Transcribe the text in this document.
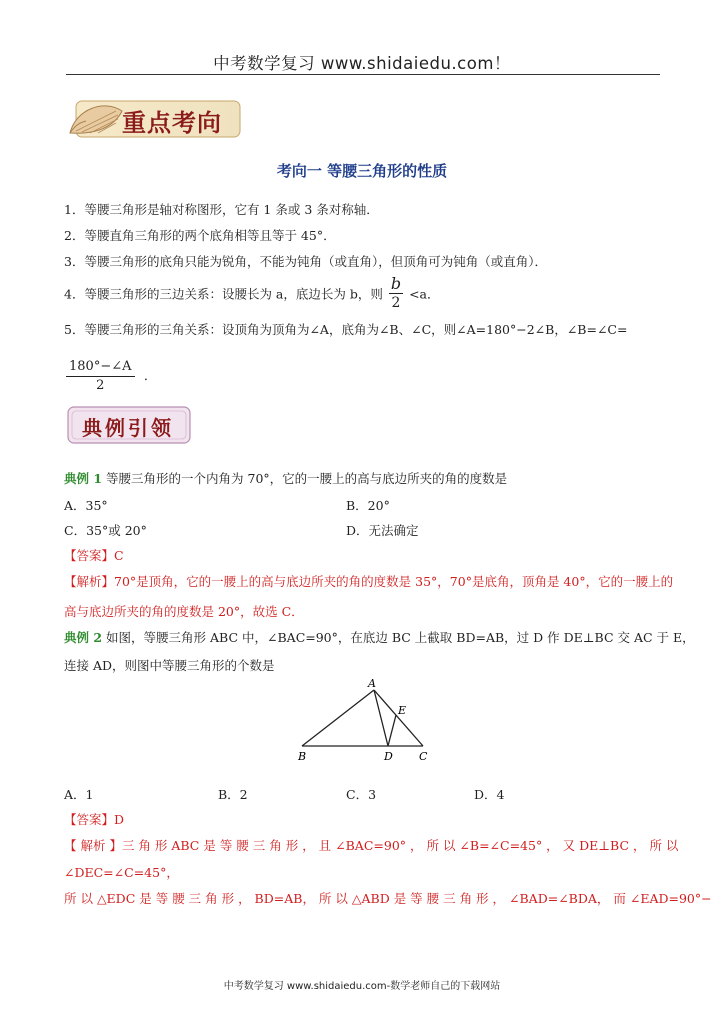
中考数学复习 www.shidaiedu.com！
重点考向
考向一 等腰三角形的性质
1．等腰三角形是轴对称图形，它有 1 条或 3 条对称轴．
2．等腰直角三角形的两个底角相等且等于 45°．
3．等腰三角形的底角只能为锐角，不能为钝角（或直角），但顶角可为钝角（或直角）．
4．等腰三角形的三边关系：设腰长为 a，底边长为 b，则 $\frac{b}{2} <a$．
5．等腰三角形的三角关系：设顶角为顶角为∠A，底角为∠B、∠C，则∠A=180°−2∠B，∠B=∠C=
$\frac{180^\circ-\angle A}{2}$ ．
典例引领
典例 1 等腰三角形的一个内角为 70°，它的一腰上的高与底边所夹的角的度数是
A．35°	B．20°
C．35°或 20°	D．无法确定
【答案】C
【解析】70°是顶角，它的一腰上的高与底边所夹的角的度数是 35°，70°是底角，顶角是 40°，它的一腰上的
高与底边所夹的角的度数是 20°，故选 C．
典例 2 如图，等腰三角形 ABC 中，∠BAC=90°，在底边 BC 上截取 BD=AB，过 D 作 DE⊥BC 交 AC 于 E，
连接 AD，则图中等腰三角形的个数是
A
B	C
D
E
A．1	B．2	C．3	D．4
【答案】D
【 解析 】三 角 形 ABC 是 等 腰 三 角 形 ， 且 ∠BAC=90° ， 所 以 ∠B=∠C=45° ， 又 DE⊥BC ， 所 以
∠DEC=∠C=45°，
所 以 △EDC 是 等 腰 三 角 形 ， BD=AB， 所 以 △ABD 是 等 腰 三 角 形 ， ∠BAD=∠BDA， 而 ∠EAD=90°−
中考数学复习 www.shidaiedu.com-数学老师自己的下载网站
